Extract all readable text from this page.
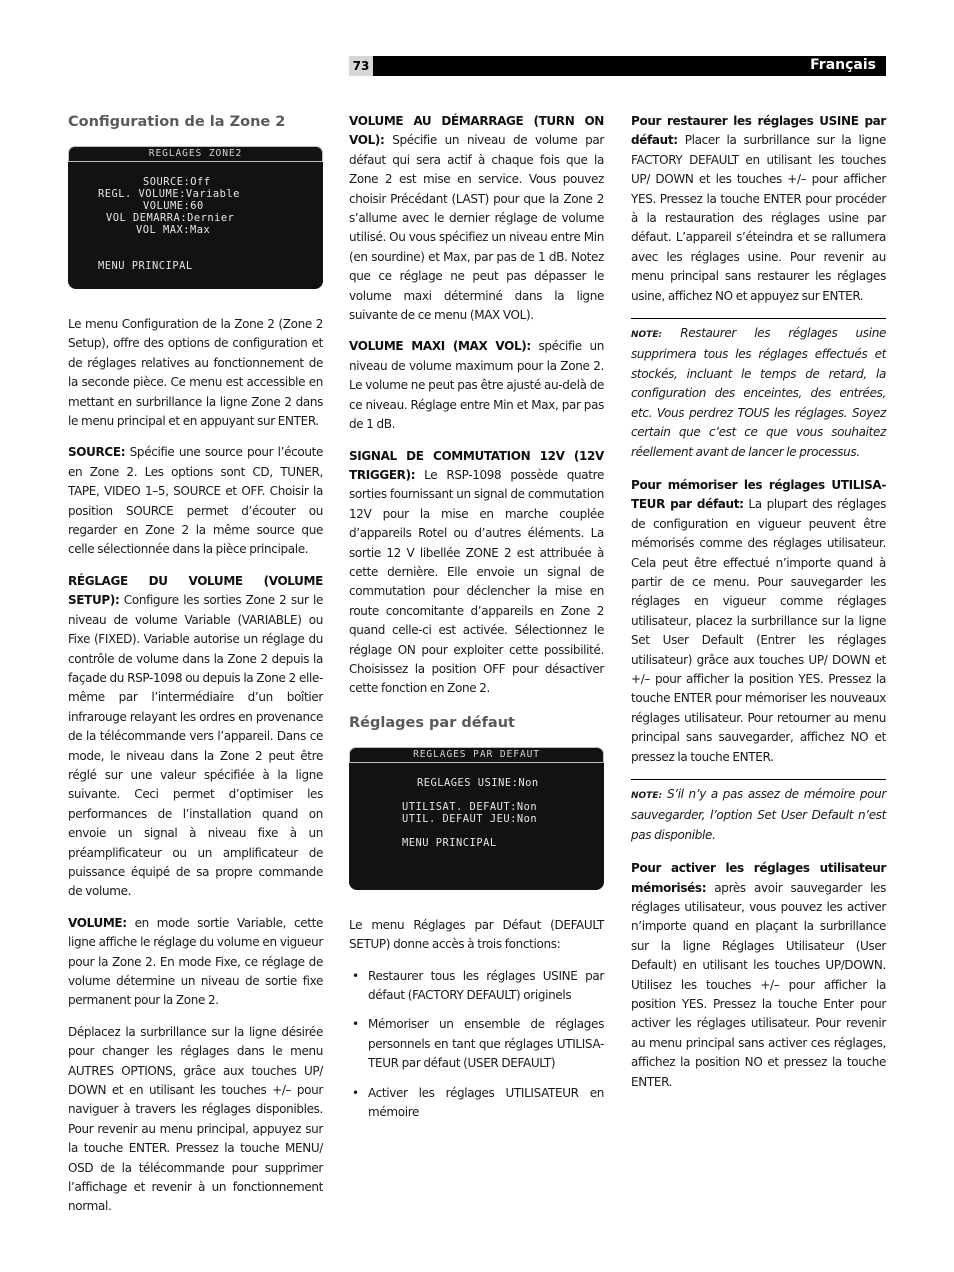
73	Français
Configuration de la Zone 2
REGLAGES ZONE2
SOURCE:Off
REGL. VOLUME:Variable
VOLUME:60
VOL DEMARRA:Dernier
VOL MAX:Max
MENU PRINCIPAL

Le menu Configuration de la Zone 2 (Zone 2 Setup), offre des options de configuration et de réglages relatives au fonctionnement de la seconde pièce. Ce menu est accessible en mettant en surbrillance la ligne Zone 2 dans le menu principal et en appuyant sur ENTER.

SOURCE: Spécifie une source pour l’écoute en Zone 2. Les options sont CD, TUNER, TAPE, VIDEO 1–5, SOURCE et OFF. Choisir la position SOURCE permet d’écouter ou regarder en Zone 2 la même source que celle sélectionnée dans la pièce principale.

RÉGLAGE DU VOLUME (VOLUME SETUP): Configure les sorties Zone 2 sur le niveau de volume Variable (VARIABLE) ou Fixe (FIXED). Variable autorise un réglage du contrôle de volume dans la Zone 2 depuis la façade du RSP-1098 ou depuis la Zone 2 elle-même par l’intermédiaire d’un boîtier infrarouge relayant les ordres en provenance de la télécommande vers l’appareil. Dans ce mode, le niveau dans la Zone 2 peut être réglé sur une valeur spécifiée à la ligne suivante. Ceci permet d’optimiser les performances de l’installation quand on envoie un signal à niveau fixe à un préamplificateur ou un amplificateur de puissance équipé de sa propre commande de volume.

VOLUME: en mode sortie Variable, cette ligne affiche le réglage du volume en vigueur pour la Zone 2. En mode Fixe, ce réglage de volume détermine un niveau de sortie fixe permanent pour la Zone 2.

Déplacez la surbrillance sur la ligne désirée pour changer les réglages dans le menu AUTRES OPTIONS, grâce aux touches UP/ DOWN et en utilisant les touches +/– pour naviguer à travers les réglages disponibles. Pour revenir au menu principal, appuyez sur la touche ENTER. Pressez la touche MENU/ OSD de la télécommande pour supprimer l’affichage et revenir à un fonctionnement normal.

VOLUME AU DÉMARRAGE (TURN ON VOL): Spécifie un niveau de volume par défaut qui sera actif à chaque fois que la Zone 2 est mise en service. Vous pouvez choisir Précédant (LAST) pour que la Zone 2 s’allume avec le dernier réglage de volume utilisé. Ou vous spécifiez un niveau entre Min (en sourdine) et Max, par pas de 1 dB. Notez que ce réglage ne peut pas dépasser le volume maxi déterminé dans la ligne suivante de ce menu (MAX VOL).

VOLUME MAXI (MAX VOL): spécifie un niveau de volume maximum pour la Zone 2. Le volume ne peut pas être ajusté au-delà de ce niveau. Réglage entre Min et Max, par pas de 1 dB.

SIGNAL DE COMMUTATION 12V (12V TRIGGER): Le RSP-1098 possède quatre sorties fournissant un signal de commutation 12V pour la mise en marche couplée d’appareils Rotel ou d’autres éléments. La sortie 12 V libellée ZONE 2 est attribuée à cette dernière. Elle envoie un signal de commutation pour déclencher la mise en route concomitante d’appareils en Zone 2 quand celle-ci est activée. Sélectionnez le réglage ON pour exploiter cette possibilité. Choisissez la position OFF pour désactiver cette fonction en Zone 2.

Réglages par défaut
REGLAGES PAR DEFAUT
REGLAGES USINE:Non
UTILISAT. DEFAUT:Non
UTIL. DEFAUT JEU:Non
MENU PRINCIPAL

Le menu Réglages par Défaut (DEFAULT SETUP) donne accès à trois fonctions:

• Restaurer tous les réglages USINE par défaut (FACTORY DEFAULT) originels
• Mémoriser un ensemble de réglages personnels en tant que réglages UTILISA-TEUR par défaut (USER DEFAULT)
• Activer les réglages UTILISATEUR en mémoire

Pour restaurer les réglages USINE par défaut: Placer la surbrillance sur la ligne FACTORY DEFAULT en utilisant les touches UP/ DOWN et les touches +/– pour afficher YES. Pressez la touche ENTER pour procéder à la restauration des réglages usine par défaut. L’appareil s’éteindra et se rallumera avec les réglages usine. Pour revenir au menu principal sans restaurer les réglages usine, affichez NO et appuyez sur ENTER.

NOTE: Restaurer les réglages usine supprimera tous les réglages effectués et stockés, incluant le temps de retard, la configuration des enceintes, des entrées, etc. Vous perdrez TOUS les réglages. Soyez certain que c’est ce que vous souhaitez réellement avant de lancer le processus.

Pour mémoriser les réglages UTILISA-TEUR par défaut: La plupart des réglages de configuration en vigueur peuvent être mémorisés comme des réglages utilisateur. Cela peut être effectué n’importe quand à partir de ce menu. Pour sauvegarder les réglages en vigueur comme réglages utilisateur, placez la surbrillance sur la ligne Set User Default (Entrer les réglages utilisateur) grâce aux touches UP/ DOWN et +/– pour afficher la position YES. Pressez la touche ENTER pour mémoriser les nouveaux réglages utilisateur. Pour retourner au menu principal sans sauvegarder, affichez NO et pressez la touche ENTER.

NOTE: S’il n’y a pas assez de mémoire pour sauvegarder, l’option Set User Default n’est pas disponible.

Pour activer les réglages utilisateur mémorisés: après avoir sauvegarder les réglages utilisateur, vous pouvez les activer n’importe quand en plaçant la surbrillance sur la ligne Réglages Utilisateur (User Default) en utilisant les touches UP/DOWN. Utilisez les touches +/– pour afficher la position YES. Pressez la touche Enter pour activer les réglages utilisateur. Pour revenir au menu principal sans activer ces réglages, affichez la position NO et pressez la touche ENTER.
